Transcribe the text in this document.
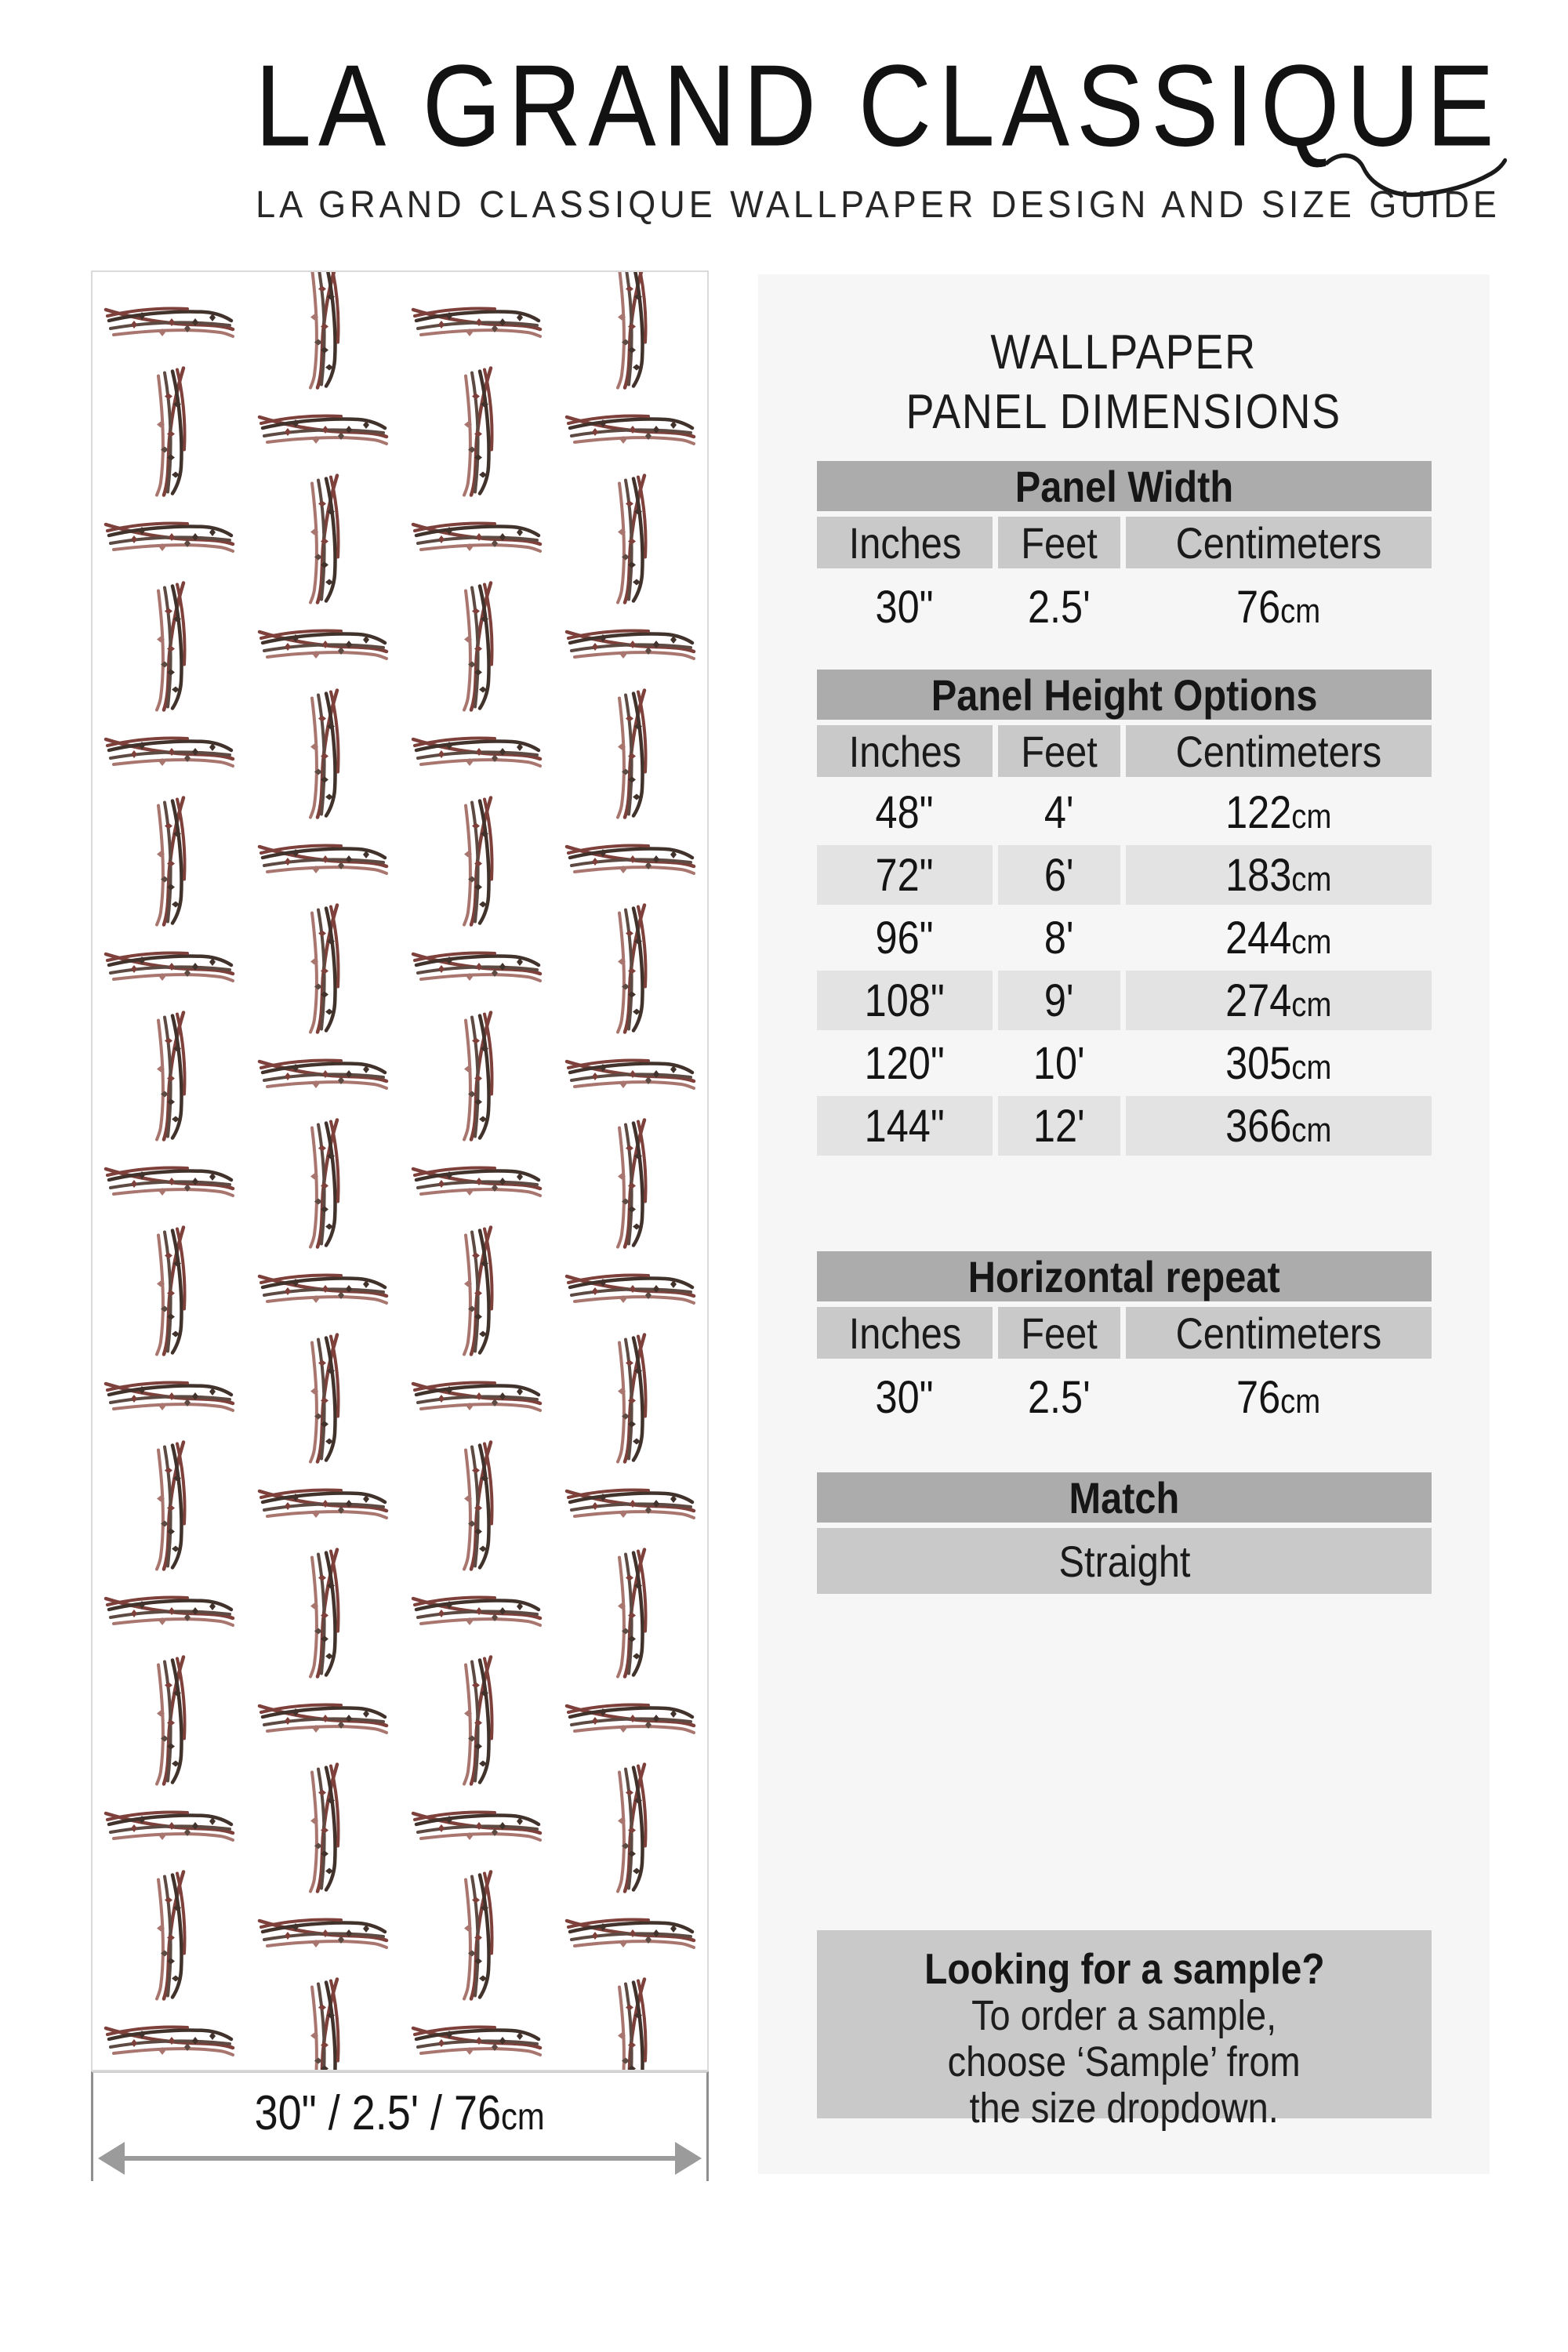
LA GRAND CLASSIQUE
LA GRAND CLASSIQUE WALLPAPER DESIGN AND SIZE GUIDE
30" / 2.5' / 76cm
WALLPAPER PANEL DIMENSIONS
Panel Width
Inches Feet Centimeters
30" 2.5'	76cm
Panel Height Options
Inches Feet Centimeters
48" 4'	122cm
72" 6'	183cm
96" 8'	244cm
108" 9'	274cm
120" 10'	305cm
144" 12'	366cm
Horizontal repeat
Inches Feet Centimeters
30" 2.5'	76cm
Match
Straight
Looking for a sample?
To order a sample,
choose ‘Sample’ from
the size dropdown.
